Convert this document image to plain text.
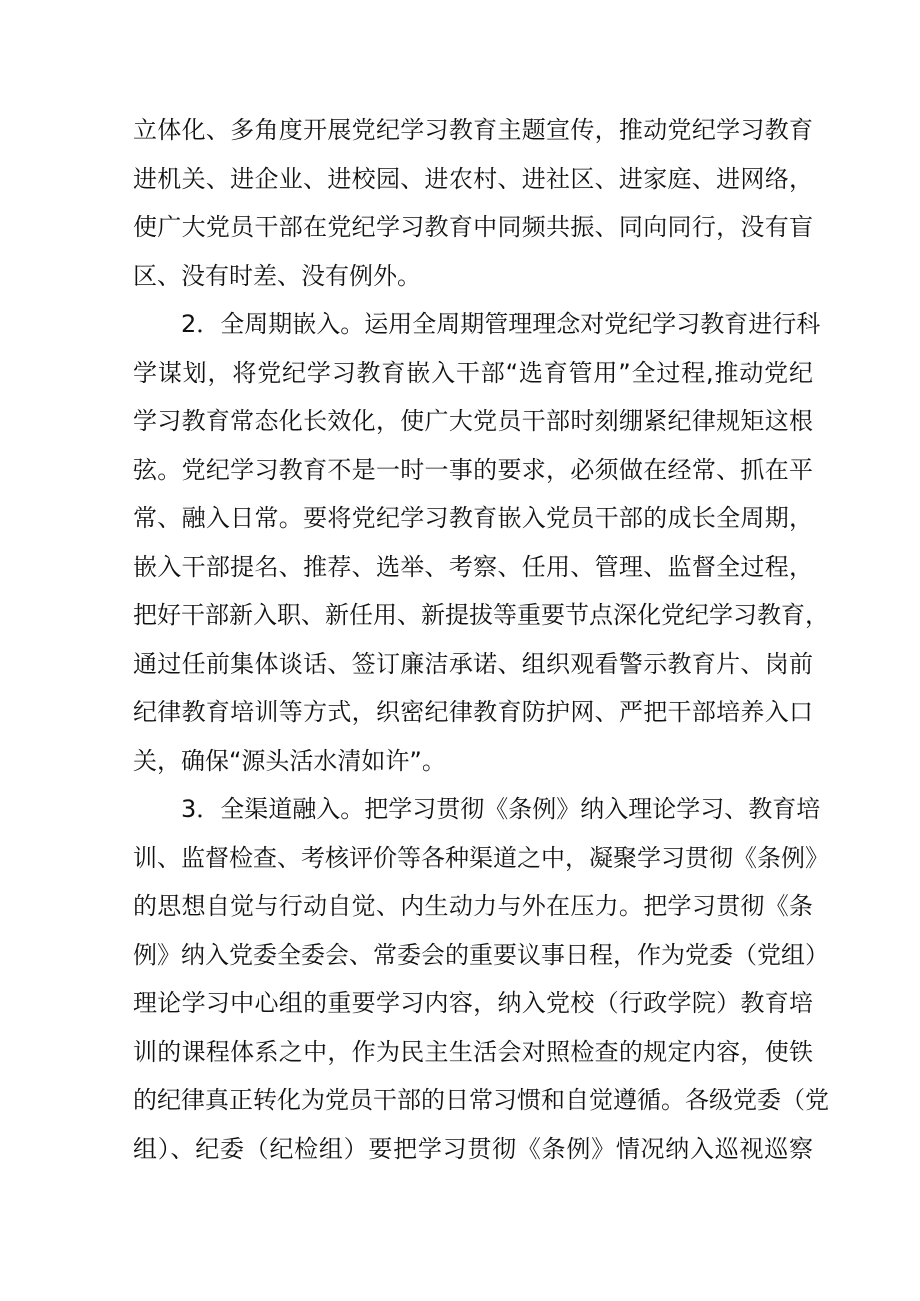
立体化、多角度开展党纪学习教育主题宣传，推动党纪学习教育
进机关、进企业、进校园、进农村、进社区、进家庭、进网络，
使广大党员干部在党纪学习教育中同频共振、同向同行，没有盲
区、没有时差、没有例外。
2．全周期嵌入。运用全周期管理理念对党纪学习教育进行科
学谋划，将党纪学习教育嵌入干部“选育管用”全过程,推动党纪
学习教育常态化长效化，使广大党员干部时刻绷紧纪律规矩这根
弦。党纪学习教育不是一时一事的要求，必须做在经常、抓在平
常、融入日常。要将党纪学习教育嵌入党员干部的成长全周期，
嵌入干部提名、推荐、选举、考察、任用、管理、监督全过程，
把好干部新入职、新任用、新提拔等重要节点深化党纪学习教育，
通过任前集体谈话、签订廉洁承诺、组织观看警示教育片、岗前
纪律教育培训等方式，织密纪律教育防护网、严把干部培养入口
关，确保“源头活水清如许”。
3．全渠道融入。把学习贯彻《条例》纳入理论学习、教育培
训、监督检查、考核评价等各种渠道之中，凝聚学习贯彻《条例》
的思想自觉与行动自觉、内生动力与外在压力。把学习贯彻《条
例》纳入党委全委会、常委会的重要议事日程，作为党委（党组）
理论学习中心组的重要学习内容，纳入党校（行政学院）教育培
训的课程体系之中，作为民主生活会对照检查的规定内容，使铁
的纪律真正转化为党员干部的日常习惯和自觉遵循。各级党委（党
组）、纪委（纪检组）要把学习贯彻《条例》情况纳入巡视巡察
